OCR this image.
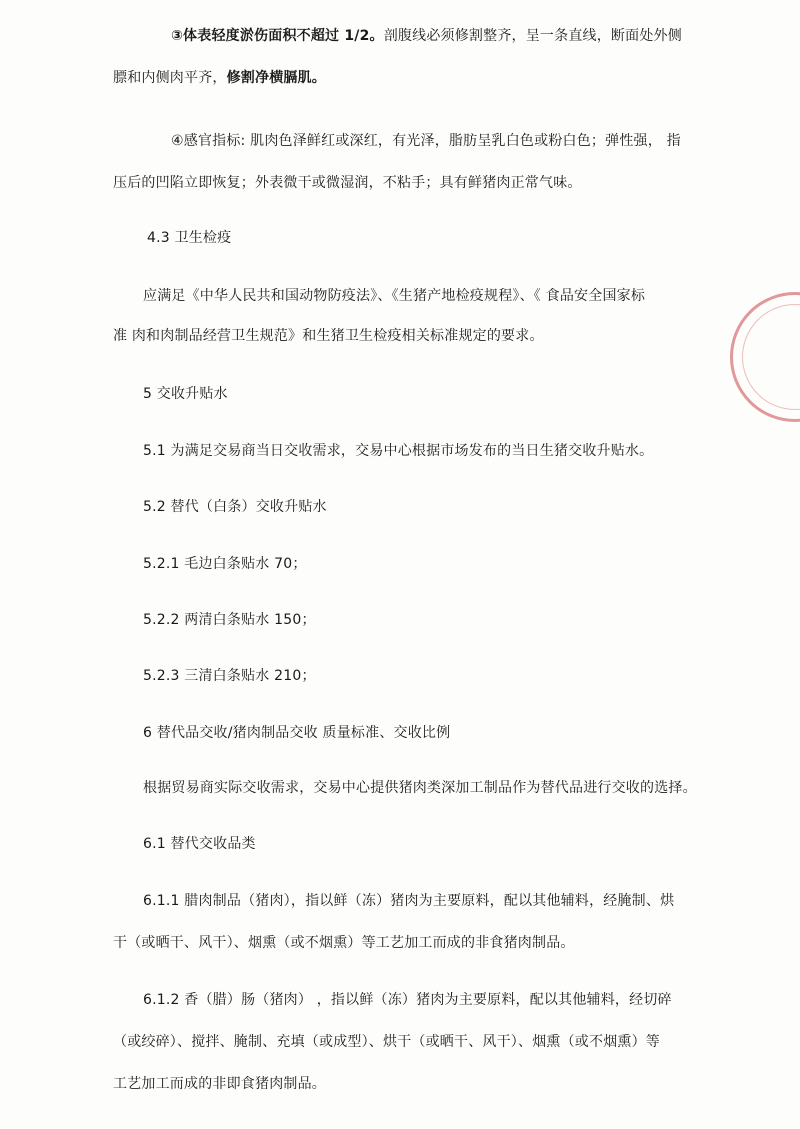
③体表轻度淤伤面积不超过 1/2。剖腹线必须修割整齐，呈一条直线，断面处外侧
膘和内侧肉平齐，修割净横膈肌。
④感官指标: 肌肉色泽鲜红或深红，有光泽，脂肪呈乳白色或粉白色；弹性强， 指
压后的凹陷立即恢复；外表微干或微湿润，不粘手；具有鲜猪肉正常气味。
4.3 卫生检疫
应满足《中华人民共和国动物防疫法》、《生猪产地检疫规程》、《 食品安全国家标
准 肉和肉制品经营卫生规范》和生猪卫生检疫相关标准规定的要求。
5 交收升贴水
5.1 为满足交易商当日交收需求，交易中心根据市场发布的当日生猪交收升贴水。
5.2 替代（白条）交收升贴水
5.2.1 毛边白条贴水 70；
5.2.2 两清白条贴水 150；
5.2.3 三清白条贴水 210；
6 替代品交收/猪肉制品交收 质量标准、交收比例
根据贸易商实际交收需求，交易中心提供猪肉类深加工制品作为替代品进行交收的选择。
6.1 替代交收品类
6.1.1 腊肉制品（猪肉），指以鲜（冻）猪肉为主要原料，配以其他辅料，经腌制、烘
干（或晒干、风干）、烟熏（或不烟熏）等工艺加工而成的非食猪肉制品。
6.1.2 香（腊）肠（猪肉） ，指以鲜（冻）猪肉为主要原料，配以其他辅料，经切碎
（或绞碎）、搅拌、腌制、充填（或成型）、烘干（或晒干、风干）、烟熏（或不烟熏）等
工艺加工而成的非即食猪肉制品。
